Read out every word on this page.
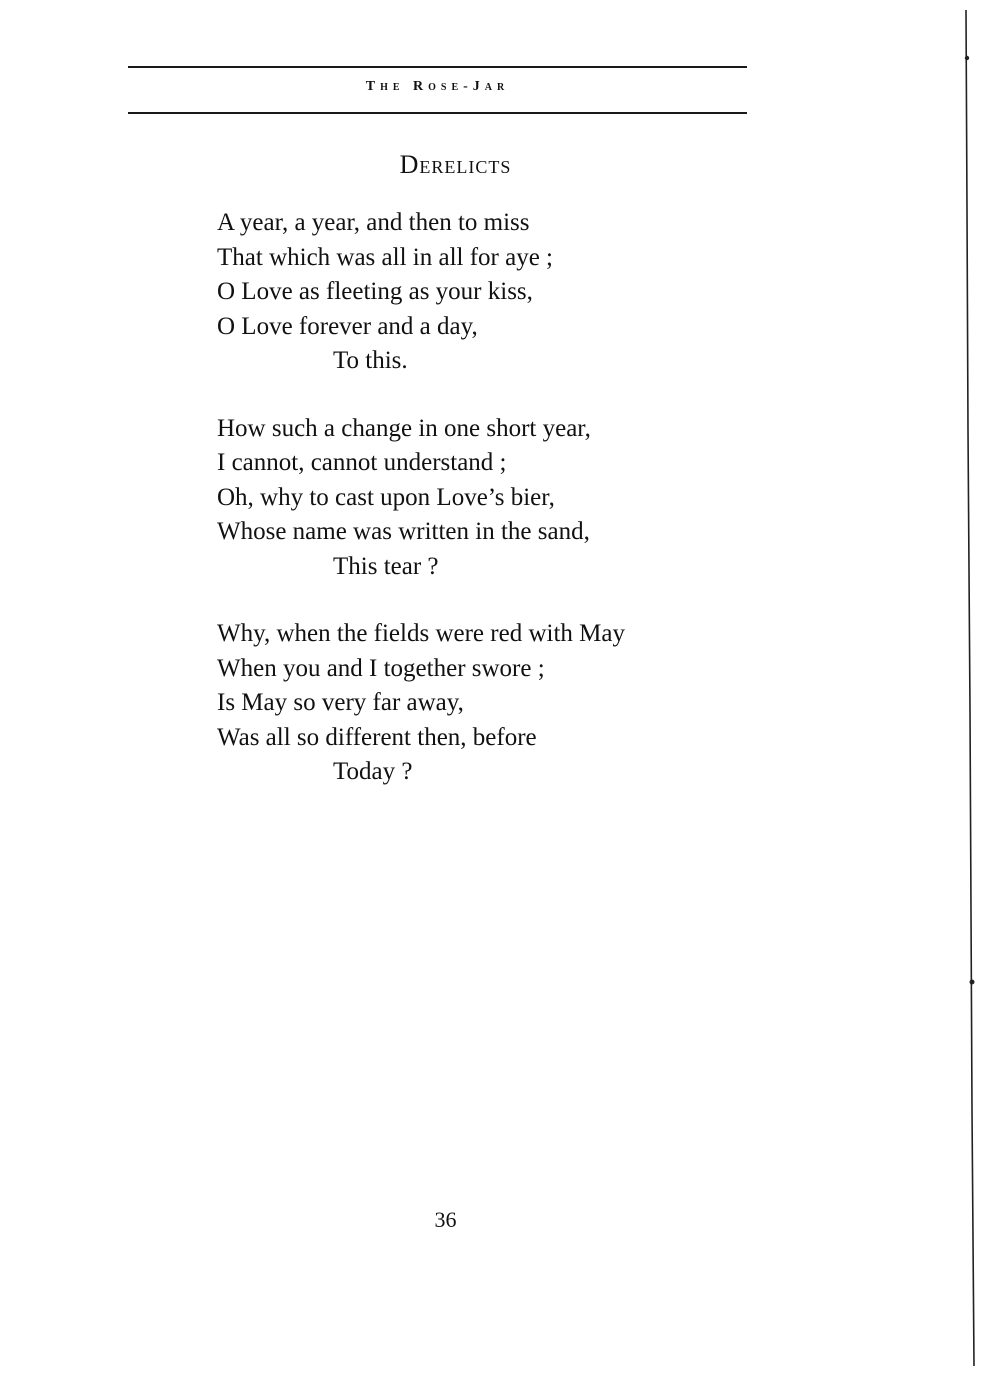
The Rose-Jar
Derelicts
A year, a year, and then to miss
That which was all in all for aye ;
O Love as fleeting as your kiss,
O Love forever and a day,
To this.
How such a change in one short year,
I cannot, cannot understand ;
Oh, why to cast upon Love’s bier,
Whose name was written in the sand,
This tear ?
Why, when the fields were red with May
When you and I together swore ;
Is May so very far away,
Was all so different then, before
Today ?
36
